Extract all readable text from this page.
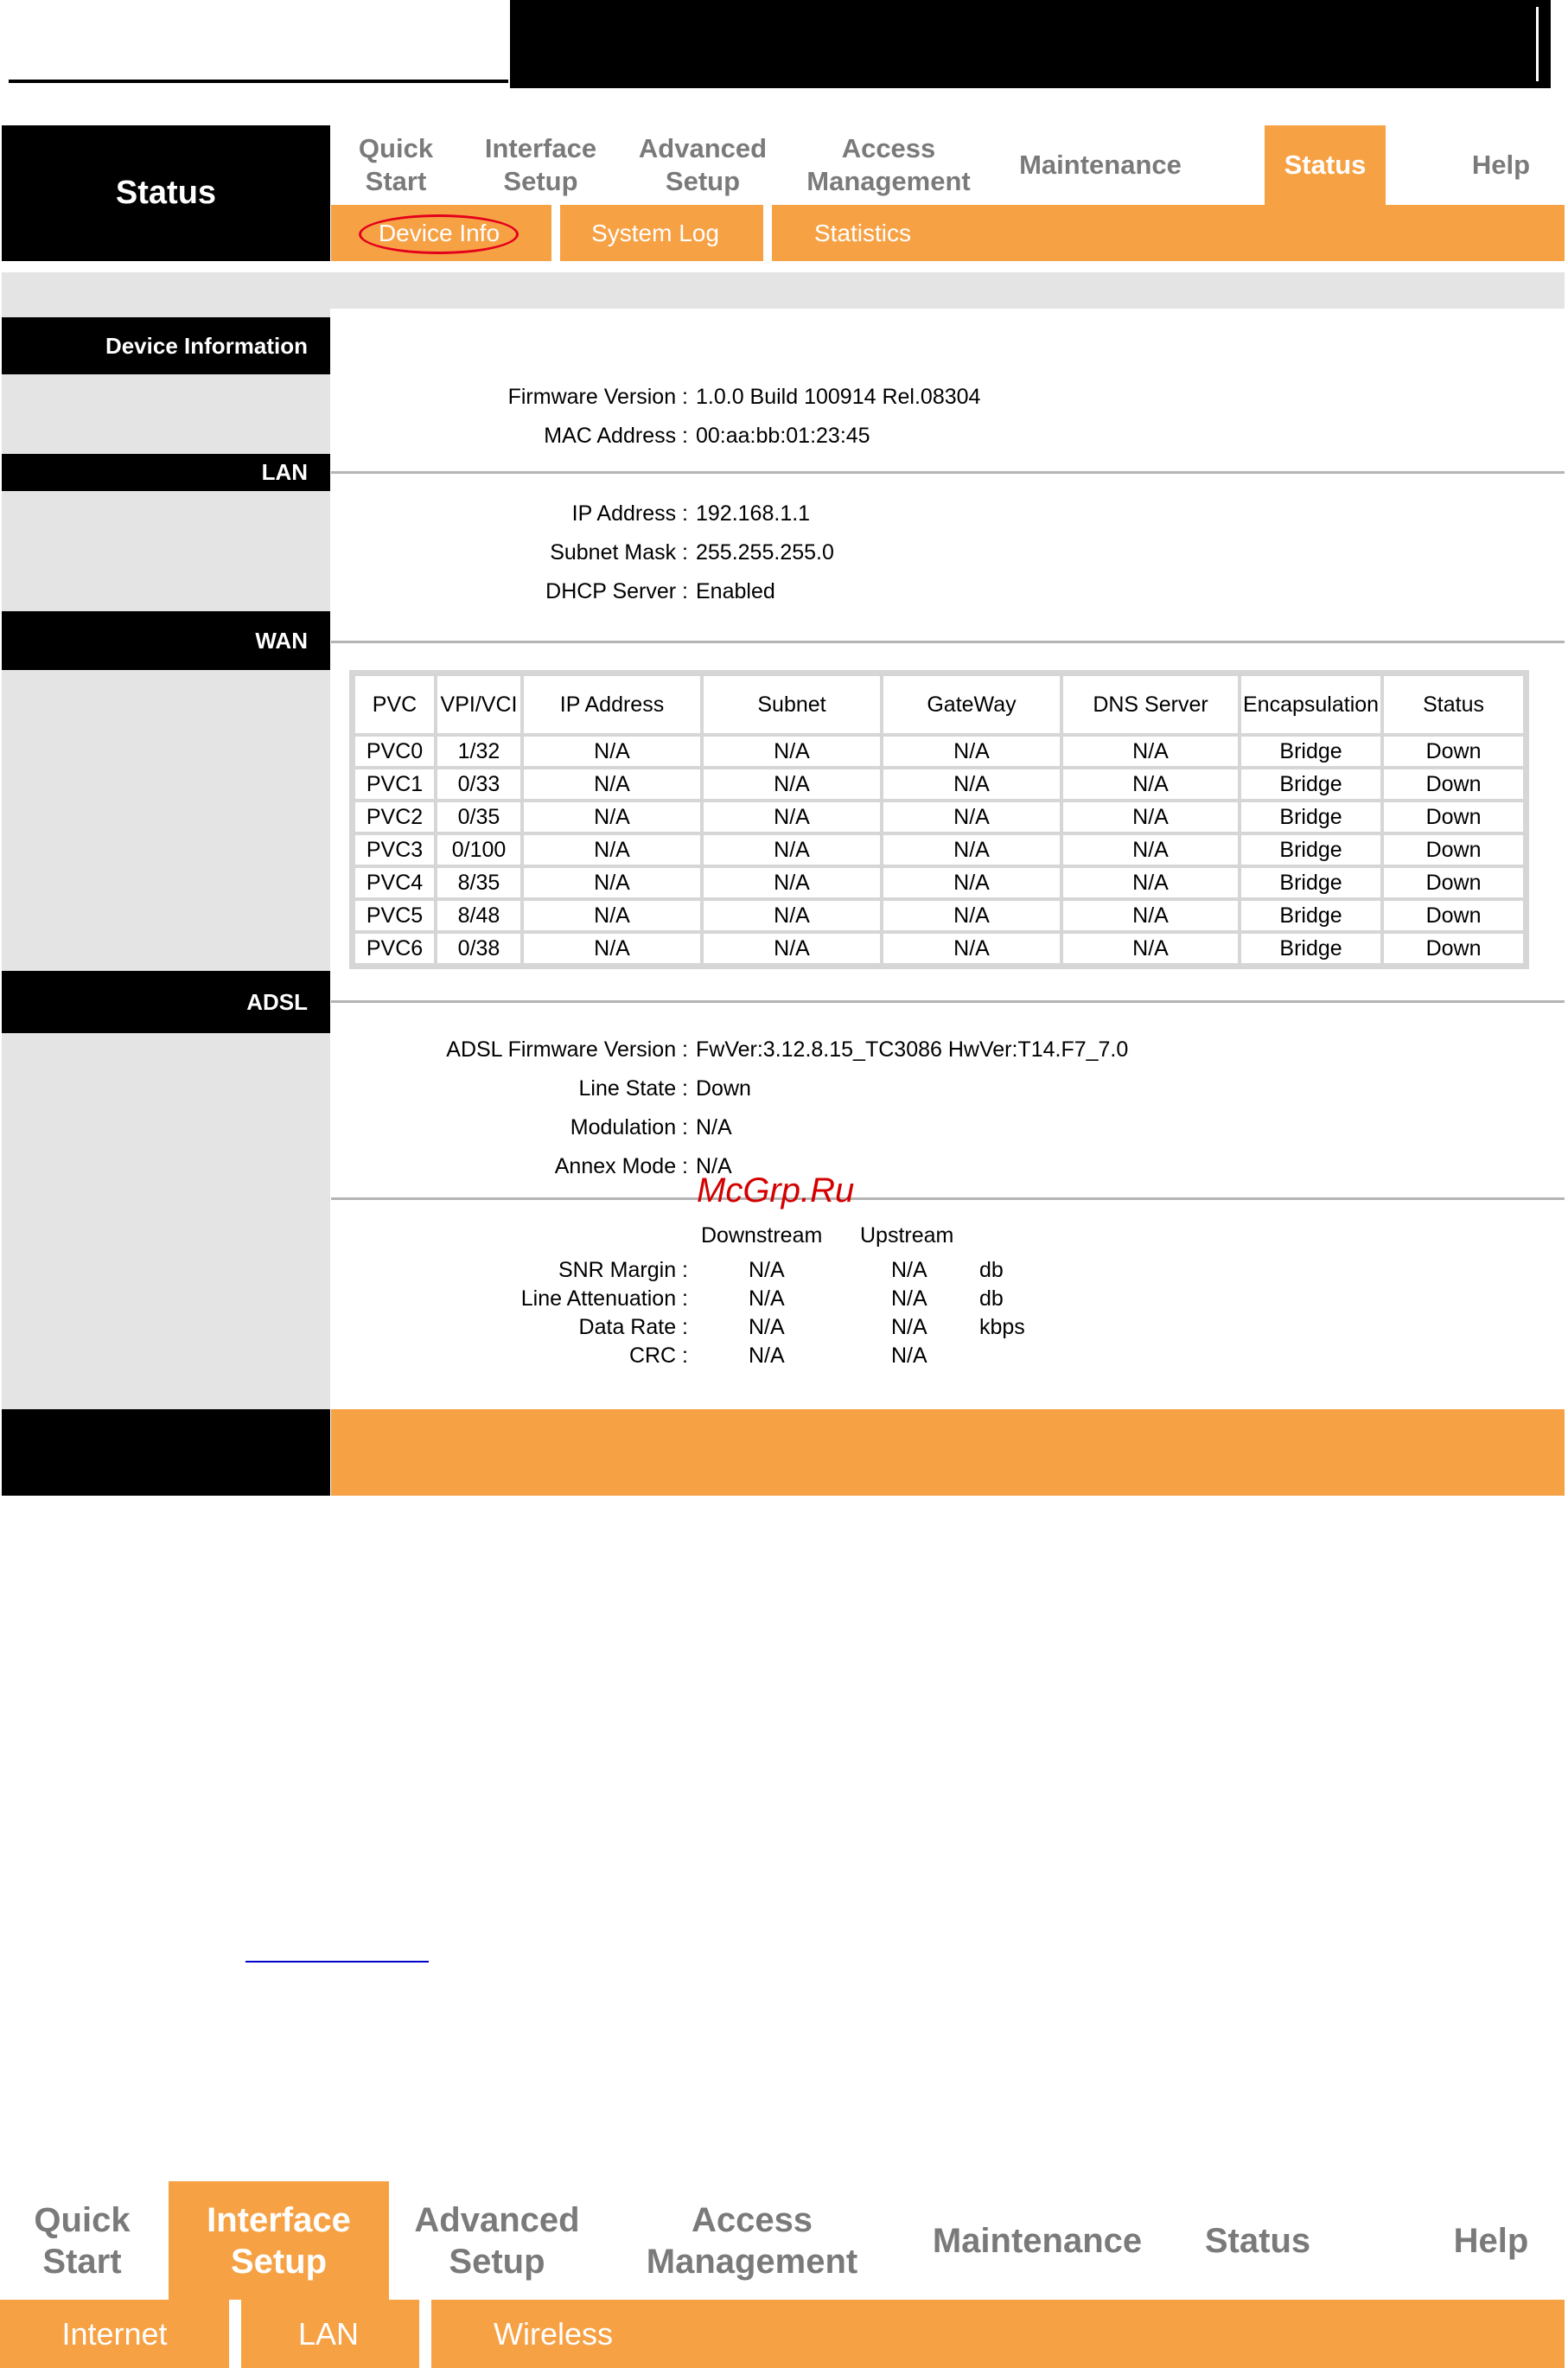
Status
Quick
Start
Interface
Setup
Advanced
Setup
Access
Management
Maintenance	Status	Help
Device Info	System Log	Statistics
Device Information
Firmware Version : 1.0.0 Build 100914 Rel.08304
MAC Address : 00:aa:bb:01:23:45
LAN
IP Address : 192.168.1.1
Subnet Mask : 255.255.255.0
DHCP Server : Enabled
WAN
PVC	VPI/VCI	IP Address	Subnet	GateWay	DNS Server	Encapsulation	Status
PVC0	1/32	N/A	N/A	N/A	N/A	Bridge	Down
PVC1	0/33	N/A	N/A	N/A	N/A	Bridge	Down
PVC2	0/35	N/A	N/A	N/A	N/A	Bridge	Down
PVC3	0/100	N/A	N/A	N/A	N/A	Bridge	Down
PVC4	8/35	N/A	N/A	N/A	N/A	Bridge	Down
PVC5	8/48	N/A	N/A	N/A	N/A	Bridge	Down
PVC6	0/38	N/A	N/A	N/A	N/A	Bridge	Down
ADSL
ADSL Firmware Version : FwVer:3.12.8.15_TC3086 HwVer:T14.F7_7.0
Line State : Down
Modulation : N/A
Annex Mode : N/A
Downstream Upstream
SNR Margin :	N/A	N/A db
Line Attenuation :	N/A	N/A db
Data Rate :	N/A	N/A kbps
CRC :	N/A	N/A
McGrp.Ru
Quick
Start
Interface
Setup
Advanced
Setup
Access
Management
Maintenance	Status	Help
Internet	LAN	Wireless
